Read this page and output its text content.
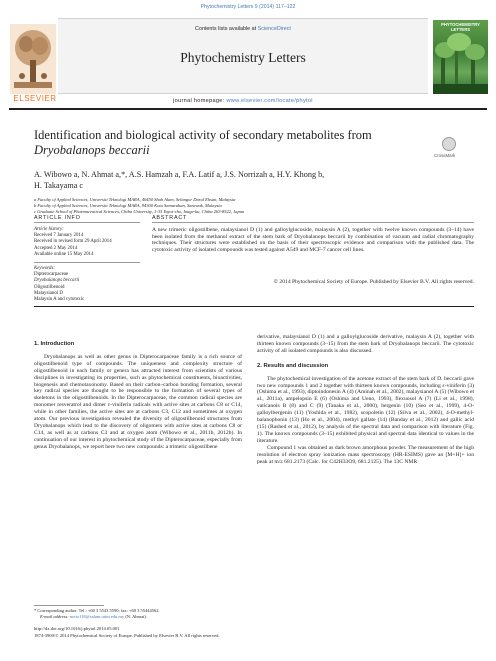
Phytochemistry Letters 9 (2014) 117–122
ELSEVIER
Contents lists available at ScienceDirect
Phytochemistry Letters
journal homepage: www.elsevier.com/locate/phytol
PHYTOCHEMISTRY LETTERS
Identification and biological activity of secondary metabolites from
Dryobalanops beccarii	CrossMark
A. Wibowo a, N. Ahmat a,*, A.S. Hamzah a, F.A. Latif a, J.S. Norrizah a, H.Y. Khong b,
H. Takayama c
a Faculty of Applied Sciences, Universiti Teknologi MARA, 40450 Shah Alam, Selangor Darul Ehsan, Malaysia
b Faculty of Applied Sciences, Universiti Teknologi MARA, 94300 Kota Samarahan, Sarawak, Malaysia
c Graduate School of Pharmaceutical Sciences, Chiba University, 1-33 Yayoi-cho, Inage-ku, Chiba 263-8522, Japan
ARTICLE INFO	ABSTRACT
Article history:
Received 7 January 2014
Received in revised form 29 April 2014
Accepted 2 May 2014
Available online 15 May 2014
Keywords:
Dipterocarpaceae
Dryobalanops beccarii
Oligostilbenoid
Malaysianol D
Malaysin A and cytotoxic
A new trimeric oligostilbene, malaysianol D (1) and galloylglucoside, malaysin A (2), together with twelve known compounds (3–14) have been isolated from the methanol extract of the stem bark of Dryobalanops beccarii by combination of vacuum and radial chromatography techniques. Their structures were established on the basis of their spectroscopic evidence and comparison with the published data. The cytotoxic activity of isolated compounds was tested against A549 and MCF-7 cancer cell lines.
© 2014 Phytochemical Society of Europe. Published by Elsevier B.V. All rights reserved.
1. Introduction
Dryobalanops as well as other genus in Dipterocarpaceae family is a rich source of oligostilbenoid type of compounds. The uniqueness and complexity structure of oligostilbenoid in each family or genera has attracted interest from scientists of various disciplines in investigating its properties, such as phytochemical constituents, bioactivities, biogenesis and chemotaxonomy. Based on their carbon–carbon bonding formation, several key radical species are thought to be responsible to the formation of several types of skeletons in the oligostilbenoids. In the Dipterocarpaceae, the common radical species are monomer resveratrol and dimer ε-viniferin radicals with active sites at carbons C8 or C14, while in other families, the active sites are at carbons C3, C12 and sometimes at oxygen atom. Our previous investigation revealed the diversity of oligostilbenoid structures from Dryobalanops which lead to the discovery of oligomers with active sites at carbons C8 or C14, as well as at carbons C3 and at oxygen atom (Wibowo et al., 2011b, 2012b). In continuation of our interest in phytochemical study of the Dipterocarpaceae, especially from genus Dryobalanops, we report here two new compounds: a trimeric oligostilbene
derivative, malaysianol D (1) and a galloylglucoside derivative, malaysin A (2), together with thirteen known compounds (3–15) from the stem bark of Dryobalanops beccarii. The cytotoxic activity of all isolated compounds is also discussed.
2. Results and discussion
The phytochemical investigation of the acetone extract of the stem bark of D. beccarii gave two new compounds 1 and 2 together with thirteen known compounds, including ε-viniferin (3) (Oshima et al., 1993), diptoindonesin A (4) (Aminah et al., 2002), malaysianol A (5) (Wibowo et al., 2011a), ampelopsin E (6) (Oshima and Ueno, 1993), flexuosol A (7) (Li et al., 1998), vaticanols B (8) and C (9) (Tanaka et al., 2000), bergenin (10) (Seo et al., 1999), 4-O-galloylbergenin (11) (Yoshida et al., 1982), scopoletin (12) (Silva et al., 2002), 4-O-methyl-balanophonin (13) (Ho et al., 2004), methyl gallate (14) (Banday et al., 2012) and gallic acid (15) (Rashed et al., 2012), by analysis of the spectral data and comparison with literature (Fig. 1). The known compounds (3–15) exhibited physical and spectral data identical to values in the literature.
Compound 1 was obtained as dark brown amorphous powder. The measurement of the high resolution of electron spray ionization mass spectroscopy (HR-ESIMS) gave an [M+H]+ ion peak at m/z 681.2173 (Calc. for C42H33O9, 681.2125). The 13C NMR
* Corresponding author. Tel.: +60 3 5543 5590; fax: +60 3 55444562.
E-mail address: noriz118@salam.uitm.edu.my (N. Ahmat).
http://dx.doi.org/10.1016/j.phytol.2014.05.001
1874-3900/© 2014 Phytochemical Society of Europe. Published by Elsevier B.V. All rights reserved.
